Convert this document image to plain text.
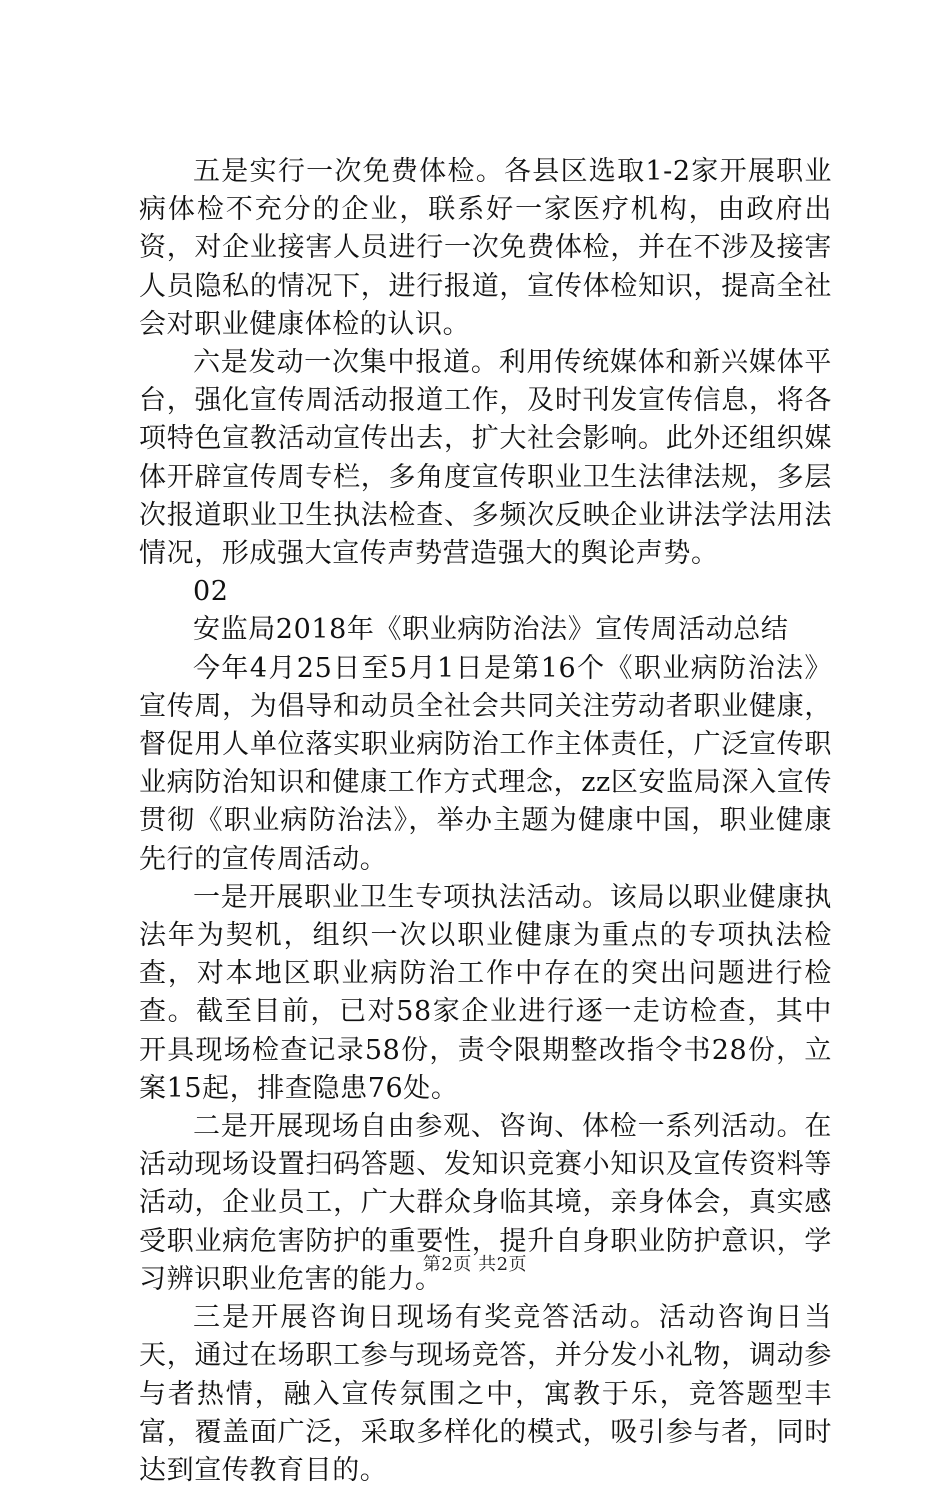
五是实行一次免费体检。各县区选取1-2家开展职业病体检不充分的企业，联系好一家医疗机构，由政府出资，对企业接害人员进行一次免费体检，并在不涉及接害人员隐私的情况下，进行报道，宣传体检知识，提高全社会对职业健康体检的认识。

六是发动一次集中报道。利用传统媒体和新兴媒体平台，强化宣传周活动报道工作，及时刊发宣传信息，将各项特色宣教活动宣传出去，扩大社会影响。此外还组织媒体开辟宣传周专栏，多角度宣传职业卫生法律法规，多层次报道职业卫生执法检查、多频次反映企业讲法学法用法情况，形成强大宣传声势营造强大的舆论声势。

02

安监局2018年《职业病防治法》宣传周活动总结

今年4月25日至5月1日是第16个《职业病防治法》宣传周，为倡导和动员全社会共同关注劳动者职业健康，督促用人单位落实职业病防治工作主体责任，广泛宣传职业病防治知识和健康工作方式理念，zz区安监局深入宣传贯彻《职业病防治法》，举办主题为健康中国，职业健康先行的宣传周活动。

一是开展职业卫生专项执法活动。该局以职业健康执法年为契机，组织一次以职业健康为重点的专项执法检查，对本地区职业病防治工作中存在的突出问题进行检查。截至目前，已对58家企业进行逐一走访检查，其中开具现场检查记录58份，责令限期整改指令书28份，立案15起，排查隐患76处。

二是开展现场自由参观、咨询、体检一系列活动。在活动现场设置扫码答题、发知识竞赛小知识及宣传资料等活动，企业员工，广大群众身临其境，亲身体会，真实感受职业病危害防护的重要性，提升自身职业防护意识，学习辨识职业危害的能力。

三是开展咨询日现场有奖竞答活动。活动咨询日当天，通过在场职工参与现场竞答，并分发小礼物，调动参与者热情，融入宣传氛围之中，寓教于乐，竞答题型丰富，覆盖面广泛，采取多样化的模式，吸引参与者，同时达到宣传教育目的。

第2页 共2页
